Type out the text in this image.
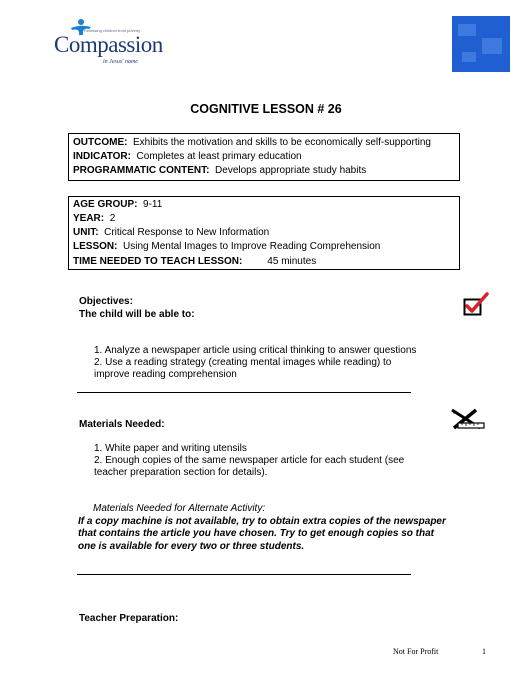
Releasing children from poverty
Compassion
in Jesus' name
COGNITIVE LESSON # 26
OUTCOME: Exhibits the motivation and skills to be economically self-supporting
INDICATOR: Completes at least primary education
PROGRAMMATIC CONTENT: Develops appropriate study habits
AGE GROUP: 9-11
YEAR: 2
UNIT: Critical Response to New Information
LESSON: Using Mental Images to Improve Reading Comprehension
TIME NEEDED TO TEACH LESSON:	45 minutes
Objectives:
The child will be able to:
1. Analyze a newspaper article using critical thinking to answer questions
2. Use a reading strategy (creating mental images while reading) to
improve reading comprehension
Materials Needed:
1. White paper and writing utensils
2. Enough copies of the same newspaper article for each student (see
teacher preparation section for details).
Materials Needed for Alternate Activity:
If a copy machine is not available, try to obtain extra copies of the newspaper
that contains the article you have chosen. Try to get enough copies so that
one is available for every two or three students.
Teacher Preparation:
Not For Profit	1
